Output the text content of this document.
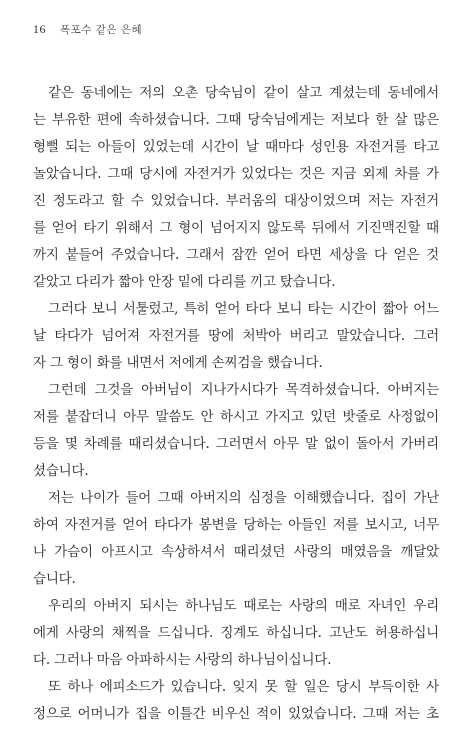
16 폭포수 같은 은혜
같은 동네에는 저의 오촌 당숙님이 같이 살고 계셨는데 동네에서
는 부유한 편에 속하셨습니다. 그때 당숙님에게는 저보다 한 살 많은
형뻘 되는 아들이 있었는데 시간이 날 때마다 성인용 자전거를 타고
놀았습니다. 그때 당시에 자전거가 있었다는 것은 지금 외제 차를 가
진 정도라고 할 수 있었습니다. 부러움의 대상이었으며 저는 자전거
를 얻어 타기 위해서 그 형이 넘어지지 않도록 뒤에서 기진맥진할 때
까지 붙들어 주었습니다. 그래서 잠깐 얻어 타면 세상을 다 얻은 것
같았고 다리가 짧아 안장 밑에 다리를 끼고 탔습니다.
그러다 보니 서툴렀고, 특히 얻어 타다 보니 타는 시간이 짧아 어느
날 타다가 넘어져 자전거를 땅에 처박아 버리고 말았습니다. 그러
자 그 형이 화를 내면서 저에게 손찌검을 했습니다.
그런데 그것을 아버님이 지나가시다가 목격하셨습니다. 아버지는
저를 붙잡더니 아무 말씀도 안 하시고 가지고 있던 밧줄로 사정없이
등을 몇 차례를 때리셨습니다. 그러면서 아무 말 없이 돌아서 가버리
셨습니다.
저는 나이가 들어 그때 아버지의 심정을 이해했습니다. 집이 가난
하여 자전거를 얻어 타다가 봉변을 당하는 아들인 저를 보시고, 너무
나 가슴이 아프시고 속상하셔서 때리셨던 사랑의 매였음을 깨달았
습니다.
우리의 아버지 되시는 하나님도 때로는 사랑의 매로 자녀인 우리
에게 사랑의 채찍을 드십니다. 징계도 하십니다. 고난도 허용하십니
다. 그러나 마음 아파하시는 사랑의 하나님이십니다.
또 하나 에피소드가 있습니다. 잊지 못 할 일은 당시 부득이한 사
정으로 어머니가 집을 이틀간 비우신 적이 있었습니다. 그때 저는 초
